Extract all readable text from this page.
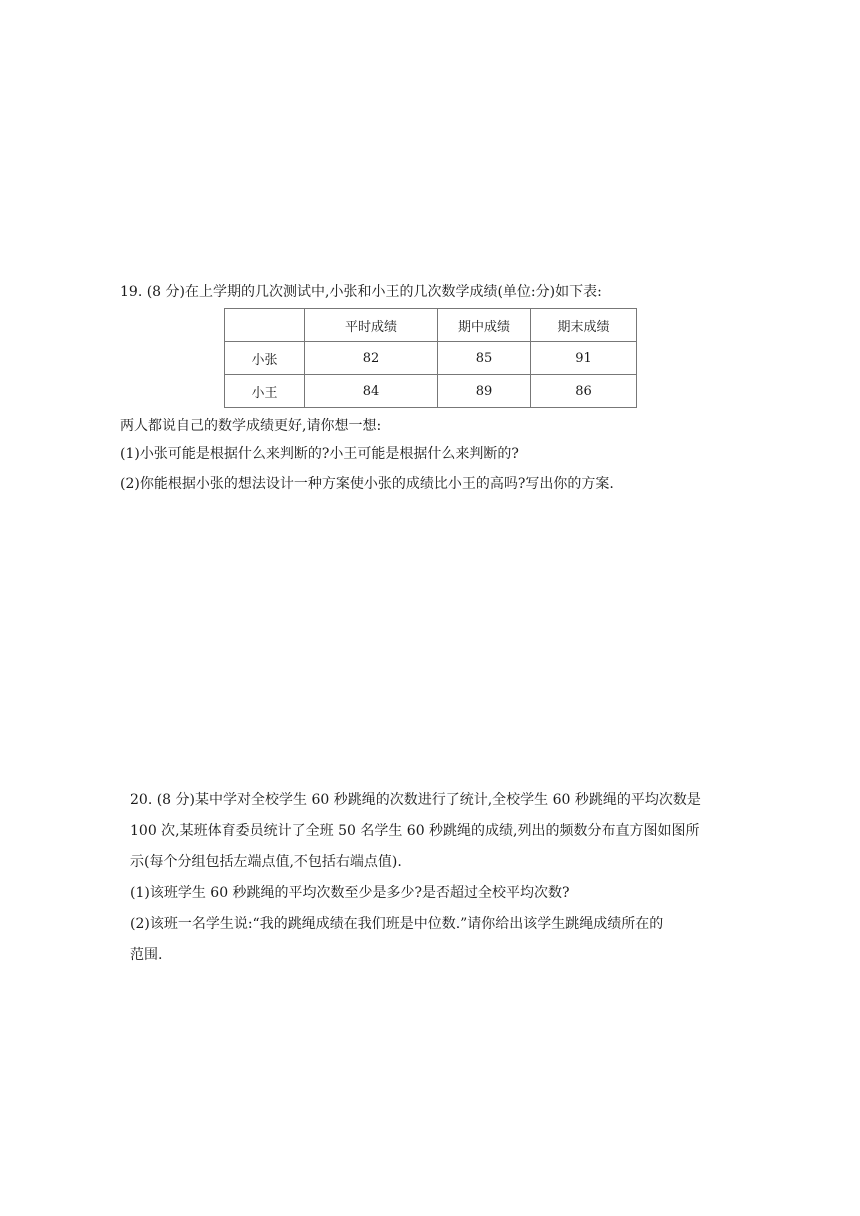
19. (8 分)在上学期的几次测试中,小张和小王的几次数学成绩(单位:分)如下表:
	平时成绩	期中成绩	期末成绩
小张	82	85	91
小王	84	89	86
两人都说自己的数学成绩更好,请你想一想:
(1)小张可能是根据什么来判断的?小王可能是根据什么来判断的?
(2)你能根据小张的想法设计一种方案使小张的成绩比小王的高吗?写出你的方案.
20. (8 分)某中学对全校学生 60 秒跳绳的次数进行了统计,全校学生 60 秒跳绳的平均次数是
100 次,某班体育委员统计了全班 50 名学生 60 秒跳绳的成绩,列出的频数分布直方图如图所
示(每个分组包括左端点值,不包括右端点值).
(1)该班学生 60 秒跳绳的平均次数至少是多少?是否超过全校平均次数?
(2)该班一名学生说:“我的跳绳成绩在我们班是中位数.”请你给出该学生跳绳成绩所在的
范围.
